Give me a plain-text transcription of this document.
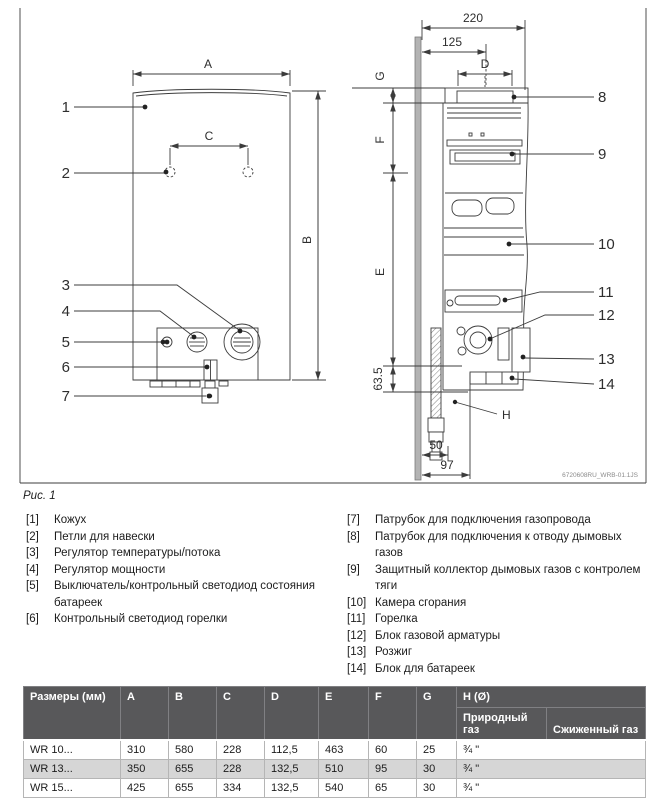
A
B
C
1
2
3
4
5
6
7
220
125
D
G
F
E
63.5
50
97
H
8
9
10
11
12
13
14
6720608RU_WRB-01.1JS
Рис. 1
[1]	Кожух
[2]	Петли для навески
[3]	Регулятор температуры/потока
[4]	Регулятор мощности
[5]	Выключатель/контрольный светодиод состояния батареек
[6]	Контрольный светодиод горелки
[7]	Патрубок для подключения газопровода
[8]	Патрубок для подключения к отводу дымовых газов
[9]	Защитный коллектор дымовых газов с контролем тяги
[10] Камера сгорания
[11] Горелка
[12] Блок газовой арматуры
[13] Розжиг
[14] Блок для батареек
Размеры (мм)	A	B	C	D	E	F	G	H (Ø)	
								Природный газ	Сжиженный газ
WR 10...	310	580	228	112,5	463	60	25	¾ "	
WR 13...	350	655	228	132,5	510	95	30	¾ "	
WR 15...	425	655	334	132,5	540	65	30	¾ "	
